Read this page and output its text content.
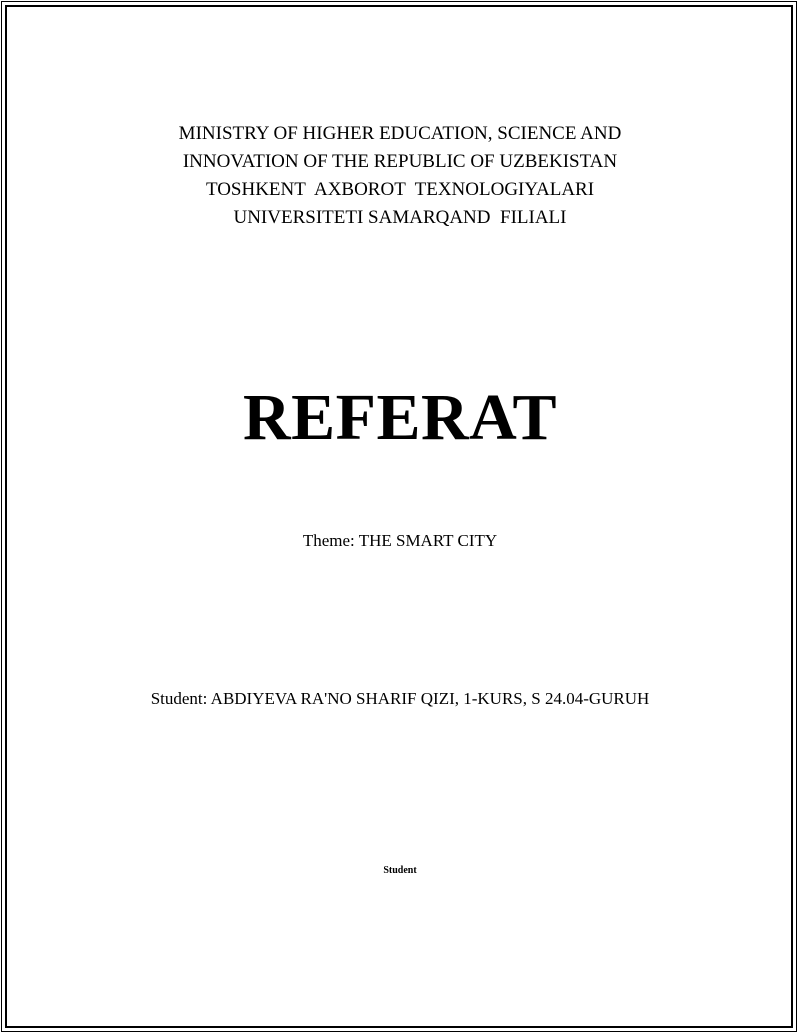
MINISTRY OF HIGHER EDUCATION, SCIENCE AND
INNOVATION OF THE REPUBLIC OF UZBEKISTAN
TOSHKENT  AXBOROT  TEXNOLOGIYALARI
UNIVERSITETI SAMARQAND  FILIALI
REFERAT
Theme: THE SMART CITY
Student: ABDIYEVA RA'NO SHARIF QIZI, 1-KURS, S 24.04-GURUH
Student
